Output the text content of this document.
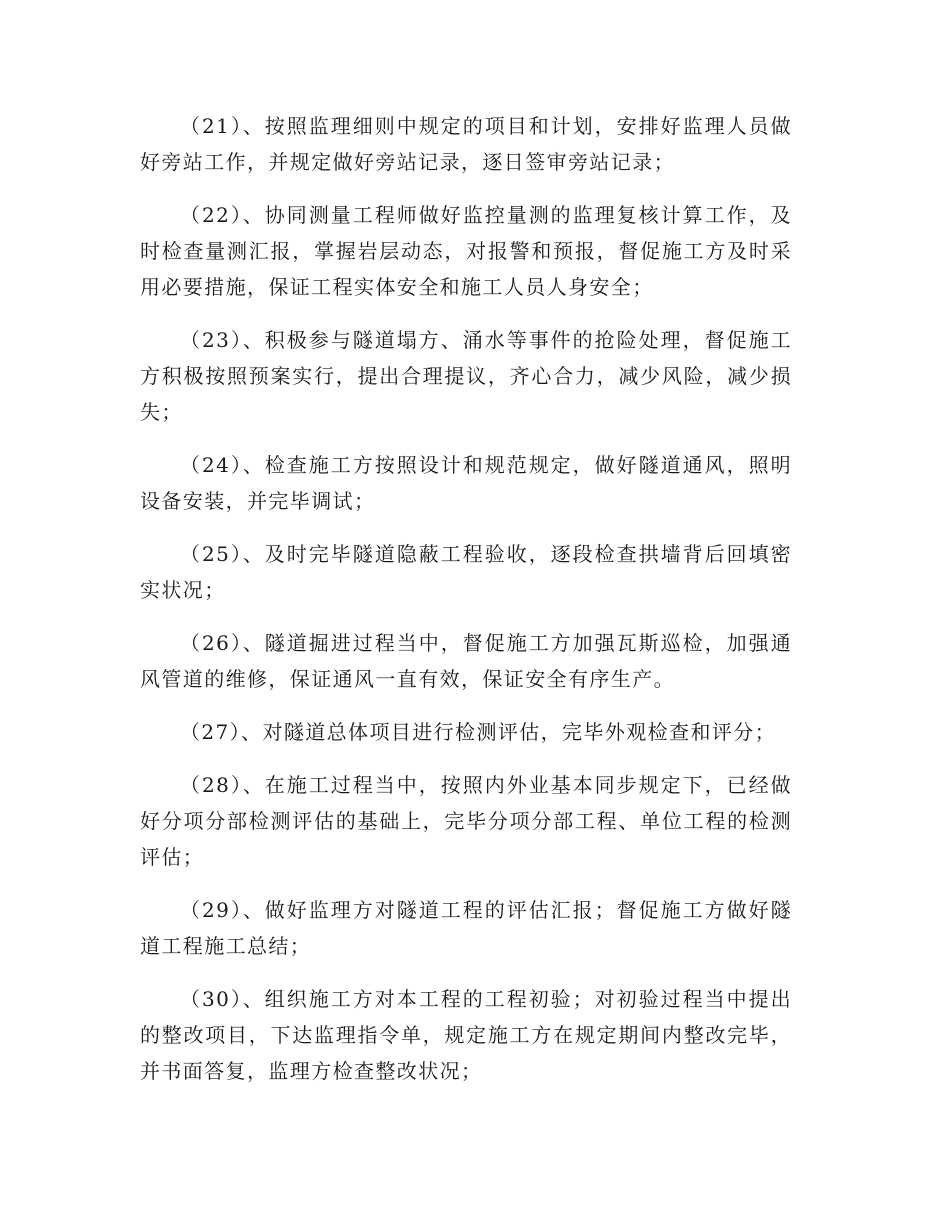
（21）、按照监理细则中规定的项目和计划，安排好监理人员做好旁站工作，并规定做好旁站记录，逐日签审旁站记录；

（22）、协同测量工程师做好监控量测的监理复核计算工作，及时检查量测汇报，掌握岩层动态，对报警和预报，督促施工方及时采用必要措施，保证工程实体安全和施工人员人身安全；

（23）、积极参与隧道塌方、涌水等事件的抢险处理，督促施工方积极按照预案实行，提出合理提议，齐心合力，减少风险，减少损失；

（24）、检查施工方按照设计和规范规定，做好隧道通风，照明设备安装，并完毕调试；

（25）、及时完毕隧道隐蔽工程验收，逐段检查拱墙背后回填密实状况；

（26）、隧道掘进过程当中，督促施工方加强瓦斯巡检，加强通风管道的维修，保证通风一直有效，保证安全有序生产。

（27）、对隧道总体项目进行检测评估，完毕外观检查和评分；

（28）、在施工过程当中，按照内外业基本同步规定下，已经做好分项分部检测评估的基础上，完毕分项分部工程、单位工程的检测评估；

（29）、做好监理方对隧道工程的评估汇报；督促施工方做好隧道工程施工总结；

（30）、组织施工方对本工程的工程初验；对初验过程当中提出的整改项目，下达监理指令单，规定施工方在规定期间内整改完毕，并书面答复，监理方检查整改状况；
